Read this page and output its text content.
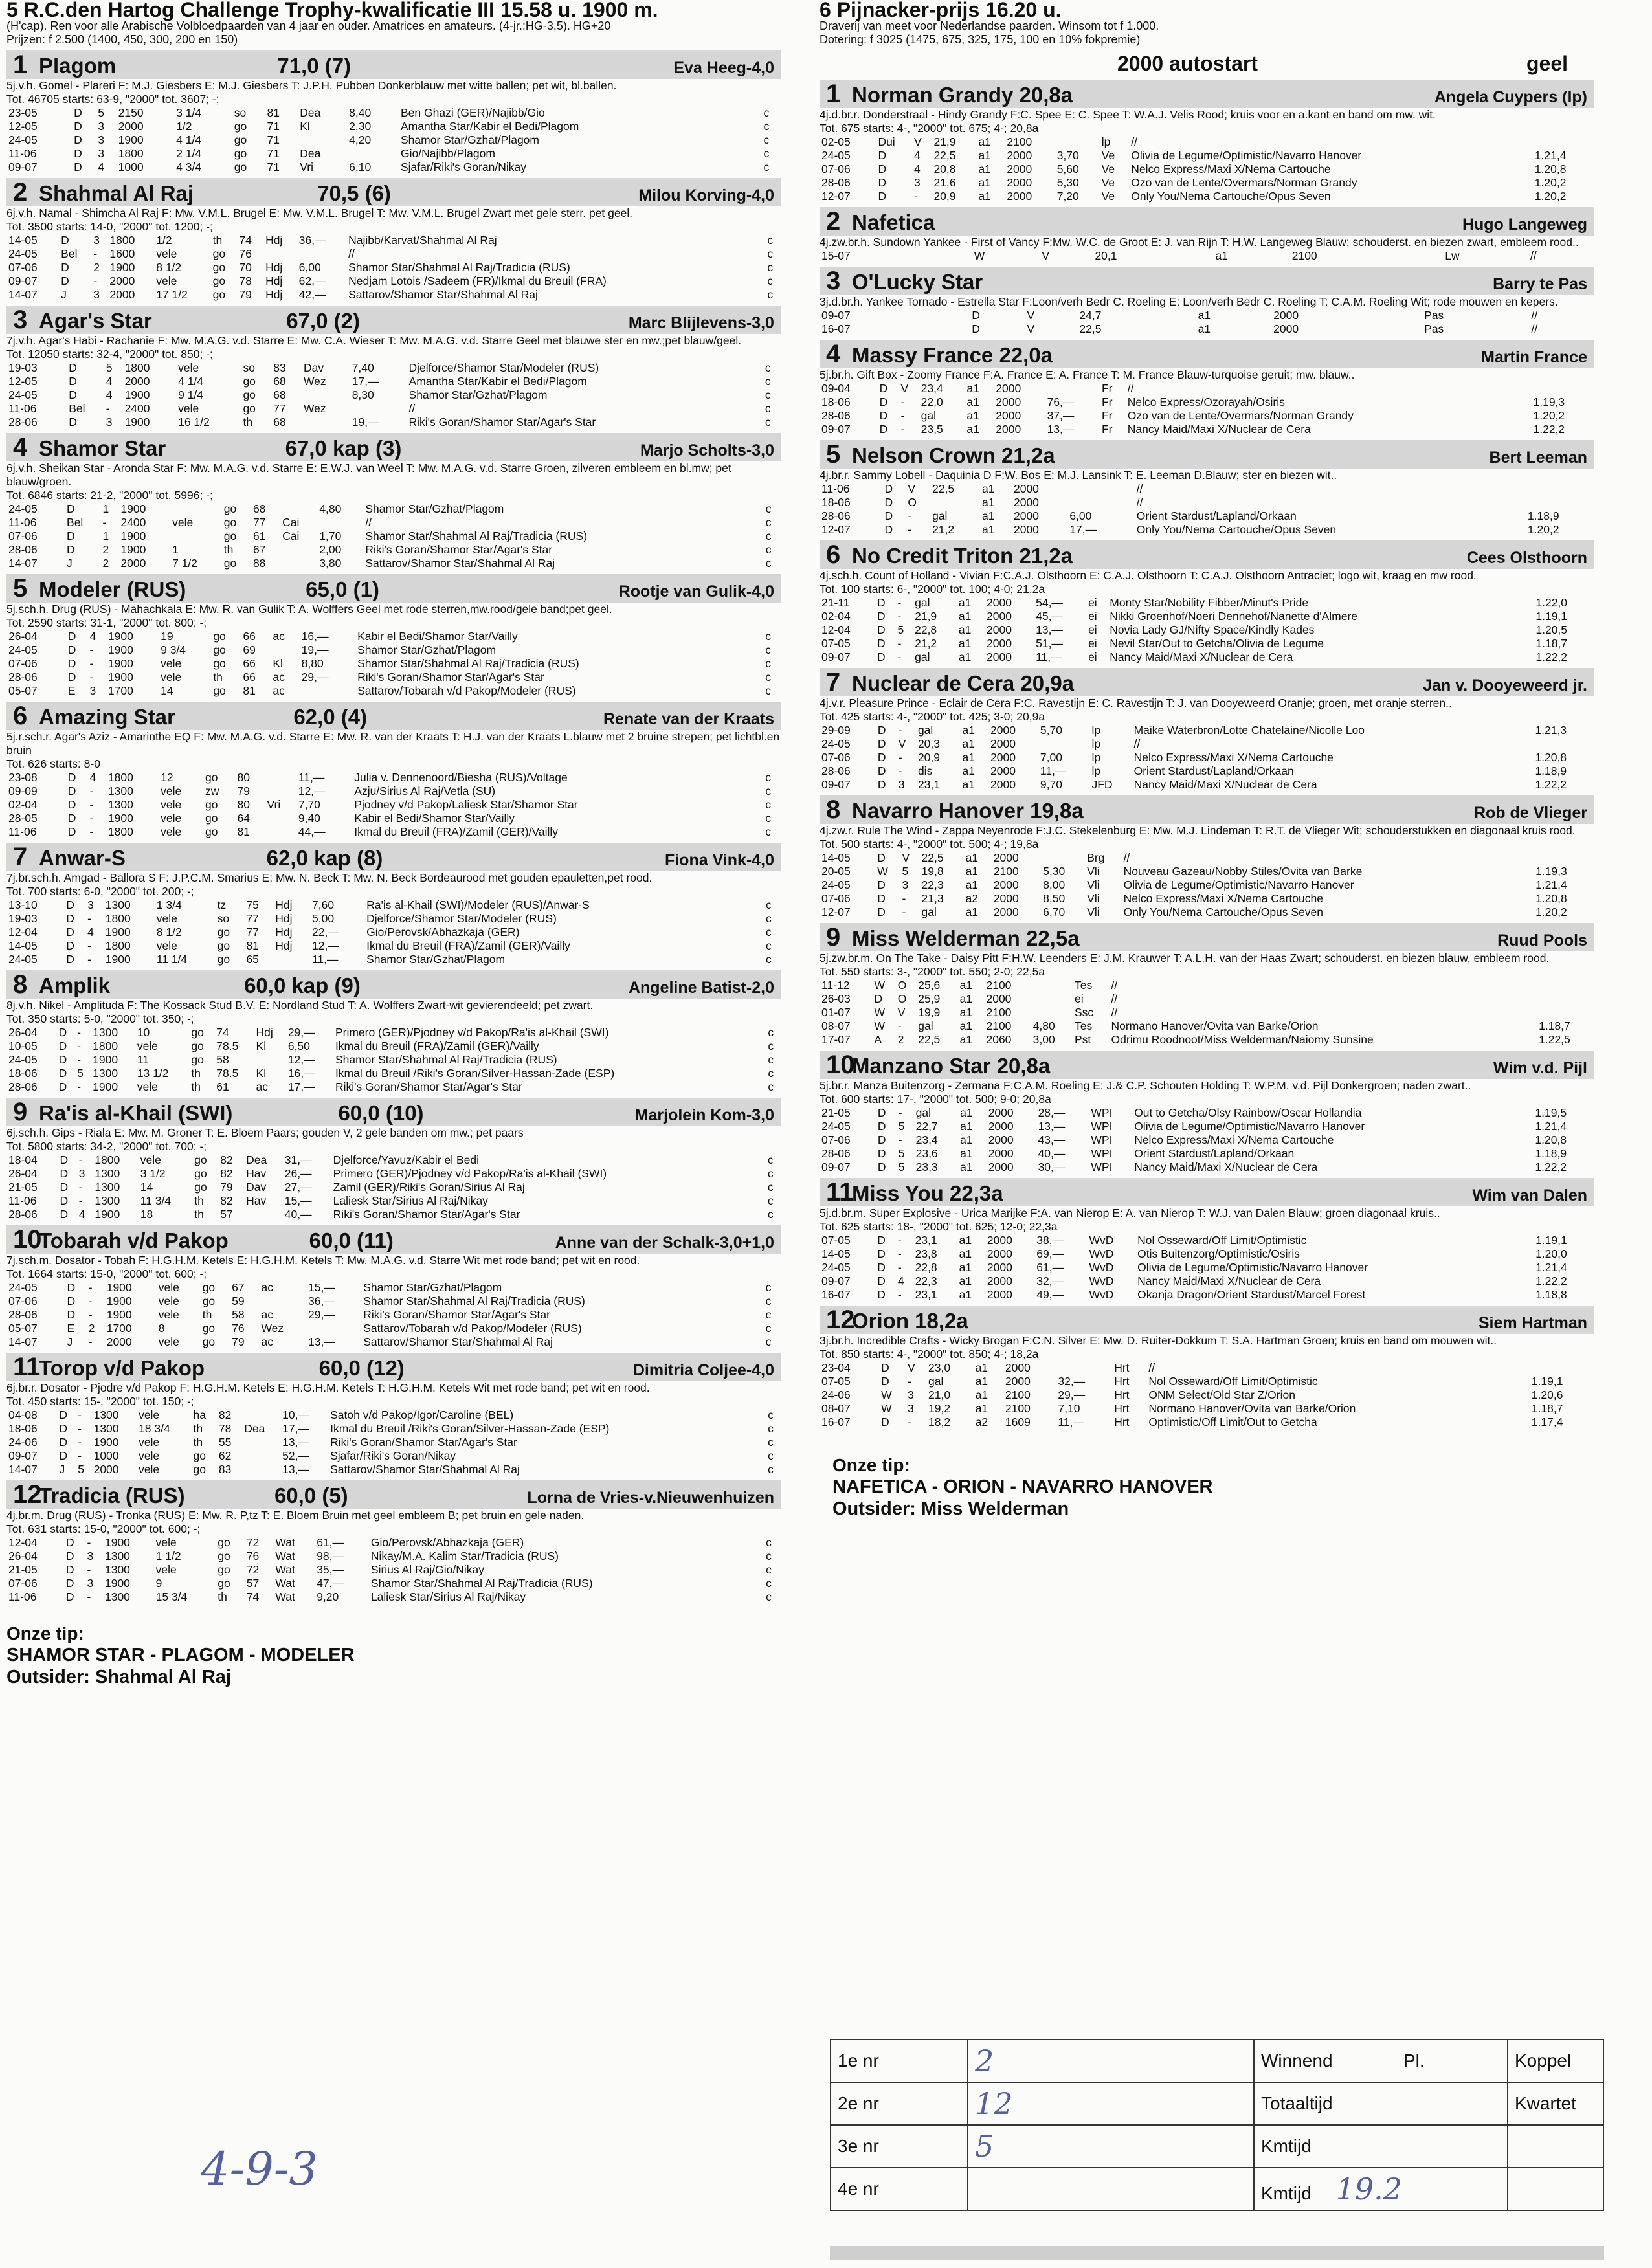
5 R.C.den Hartog Challenge Trophy-kwalificatie III 15.58 u. 1900 m.
(H'cap). Ren voor alle Arabische Volbloedpaarden van 4 jaar en ouder. Amatrices en amateurs. (4-jr.:HG-3,5). HG+20
Prijzen: f 2.500 (1400, 450, 300, 200 en 150)
1 Plagom	71,0 (7)	Eva Heeg-4,0
5j.v.h. Gomel - Plareri F: M.J. Giesbers E: M.J. Giesbers T: J.P.H. Pubben Donkerblauw met witte ballen; pet wit, bl.ballen.
Tot. 46705 starts: 63-9, "2000" tot. 3607; -;
23-05	D	5	2150	3 1/4	so	81	Dea	8,40	Ben Ghazi (GER)/Najibb/Gio	c
12-05	D	3	2000	1/2	go	71	Kl	2,30	Amantha Star/Kabir el Bedi/Plagom	c
24-05	D	3	1900	4 1/4	go	71		4,20	Shamor Star/Gzhat/Plagom	c
11-06	D	3	1800	2 1/4	go	71	Dea		Gio/Najibb/Plagom	c
09-07	D	4	1000	4 3/4	go	71	Vri	6,10	Sjafar/Riki's Goran/Nikay	c
2 Shahmal Al Raj	70,5 (6)	Milou Korving-4,0
6j.v.h. Namal - Shimcha Al Raj F: Mw. V.M.L. Brugel E: Mw. V.M.L. Brugel T: Mw. V.M.L. Brugel Zwart met gele sterr. pet geel.
Tot. 3500 starts: 14-0, "2000" tot. 1200; -;
14-05	D	3	1800	1/2	th	74	Hdj	36,—	Najibb/Karvat/Shahmal Al Raj	c
24-05	Bel	-	1600	vele	go	76			//	c
07-06	D	2	1900	8 1/2	go	70	Hdj	6,00	Shamor Star/Shahmal Al Raj/Tradicia (RUS)	c
09-07	D	-	2000	vele	go	78	Hdj	62,—	Nedjam Lotois /Sadeem (FR)/Ikmal du Breuil (FRA)	c
14-07	J	3	2000	17 1/2	go	79	Hdj	42,—	Sattarov/Shamor Star/Shahmal Al Raj	c
3 Agar's Star	67,0 (2)	Marc Blijlevens-3,0
7j.v.h. Agar's Habi - Rachanie F: Mw. M.A.G. v.d. Starre E: Mw. C.A. Wieser T: Mw. M.A.G. v.d. Starre Geel met blauwe ster en mw.;pet blauw/geel.
Tot. 12050 starts: 32-4, "2000" tot. 850; -;
19-03	D	5	1800	vele	so	83	Dav	7,40	Djelforce/Shamor Star/Modeler (RUS)	c
12-05	D	4	2000	4 1/4	go	68	Wez	17,—	Amantha Star/Kabir el Bedi/Plagom	c
24-05	D	4	1900	9 1/4	go	68		8,30	Shamor Star/Gzhat/Plagom	c
11-06	Bel	-	2400	vele	go	77	Wez		//	c
28-06	D	3	1900	16 1/2	th	68		19,—	Riki's Goran/Shamor Star/Agar's Star	c
4 Shamor Star	67,0 kap (3)	Marjo Scholts-3,0
6j.v.h. Sheikan Star - Aronda Star F: Mw. M.A.G. v.d. Starre E: E.W.J. van Weel T: Mw. M.A.G. v.d. Starre Groen, zilveren embleem en bl.mw; pet blauw/groen.
Tot. 6846 starts: 21-2, "2000" tot. 5996; -;
24-05	D	1	1900		go	68		4,80	Shamor Star/Gzhat/Plagom	c
11-06	Bel	-	2400	vele	go	77	Cai		//	c
07-06	D	1	1900		go	61	Cai	1,70	Shamor Star/Shahmal Al Raj/Tradicia (RUS)	c
28-06	D	2	1900	1	th	67		2,00	Riki's Goran/Shamor Star/Agar's Star	c
14-07	J	2	2000	7 1/2	go	88		3,80	Sattarov/Shamor Star/Shahmal Al Raj	c
5 Modeler (RUS)	65,0 (1)	Rootje van Gulik-4,0
5j.sch.h. Drug (RUS) - Mahachkala E: Mw. R. van Gulik T: A. Wolffers Geel met rode sterren,mw.rood/gele band;pet geel.
Tot. 2590 starts: 31-1, "2000" tot. 800; -;
26-04	D	4	1900	19	go	66	ac	16,—	Kabir el Bedi/Shamor Star/Vailly	c
24-05	D	-	1900	9 3/4	go	69		19,—	Shamor Star/Gzhat/Plagom	c
07-06	D	-	1900	vele	go	66	Kl	8,80	Shamor Star/Shahmal Al Raj/Tradicia (RUS)	c
28-06	D	-	1900	vele	th	66	ac	29,—	Riki's Goran/Shamor Star/Agar's Star	c
05-07	E	3	1700	14	go	81	ac		Sattarov/Tobarah v/d Pakop/Modeler (RUS)	c
6 Amazing Star	62,0 (4)	Renate van der Kraats
5j.r.sch.r. Agar's Aziz - Amarinthe EQ F: Mw. M.A.G. v.d. Starre E: Mw. R. van der Kraats T: H.J. van der Kraats L.blauw met 2 bruine strepen; pet lichtbl.en bruin
Tot. 626 starts: 8-0
23-08	D	4	1800	12	go	80		11,—	Julia v. Dennenoord/Biesha (RUS)/Voltage	c
09-09	D	-	1300	vele	zw	79		12,—	Azju/Sirius Al Raj/Vetla (SU)	c
02-04	D	-	1300	vele	go	80	Vri	7,70	Pjodney v/d Pakop/Laliesk Star/Shamor Star	c
28-05	D	-	1900	vele	go	64		9,40	Kabir el Bedi/Shamor Star/Vailly	c
11-06	D	-	1800	vele	go	81		44,—	Ikmal du Breuil (FRA)/Zamil (GER)/Vailly	c
7 Anwar-S	62,0 kap (8)	Fiona Vink-4,0
7j.br.sch.h. Amgad - Ballora S F: J.P.C.M. Smarius E: Mw. N. Beck T: Mw. N. Beck Bordeaurood met gouden epauletten,pet rood.
Tot. 700 starts: 6-0, "2000" tot. 200; -;
13-10	D	3	1300	1 3/4	tz	75	Hdj	7,60	Ra'is al-Khail (SWI)/Modeler (RUS)/Anwar-S	c
19-03	D	-	1800	vele	so	77	Hdj	5,00	Djelforce/Shamor Star/Modeler (RUS)	c
12-04	D	4	1900	8 1/2	go	77	Hdj	22,—	Gio/Perovsk/Abhazkaja (GER)	c
14-05	D	-	1800	vele	go	81	Hdj	12,—	Ikmal du Breuil (FRA)/Zamil (GER)/Vailly	c
24-05	D	-	1900	11 1/4	go	65		11,—	Shamor Star/Gzhat/Plagom	c
8 Amplik	60,0 kap (9)	Angeline Batist-2,0
8j.v.h. Nikel - Amplituda F: The Kossack Stud B.V. E: Nordland Stud T: A. Wolffers Zwart-wit gevierendeeld; pet zwart.
Tot. 350 starts: 5-0, "2000" tot. 350; -;
26-04	D	-	1300	10	go	74	Hdj	29,—	Primero (GER)/Pjodney v/d Pakop/Ra'is al-Khail (SWI)	c
10-05	D	-	1800	vele	go	78.5	Kl	6,50	Ikmal du Breuil (FRA)/Zamil (GER)/Vailly	c
24-05	D	-	1900	11	go	58		12,—	Shamor Star/Shahmal Al Raj/Tradicia (RUS)	c
18-06	D	5	1300	13 1/2	th	78.5	Kl	16,—	Ikmal du Breuil /Riki's Goran/Silver-Hassan-Zade (ESP)	c
28-06	D	-	1900	vele	th	61	ac	17,—	Riki's Goran/Shamor Star/Agar's Star	c
9 Ra'is al-Khail (SWI)	60,0 (10)	Marjolein Kom-3,0
6j.sch.h. Gips - Riala E: Mw. M. Groner T: E. Bloem Paars; gouden V, 2 gele banden om mw.; pet paars
Tot. 5800 starts: 34-2, "2000" tot. 700; -;
18-04	D	-	1800	vele	go	82	Dea	31,—	Djelforce/Yavuz/Kabir el Bedi	c
26-04	D	3	1300	3 1/2	go	82	Hav	26,—	Primero (GER)/Pjodney v/d Pakop/Ra'is al-Khail (SWI)	c
21-05	D	-	1300	14	go	79	Dav	27,—	Zamil (GER)/Riki's Goran/Sirius Al Raj	c
11-06	D	-	1300	11 3/4	th	82	Hav	15,—	Laliesk Star/Sirius Al Raj/Nikay	c
28-06	D	4	1900	18	th	57		40,—	Riki's Goran/Shamor Star/Agar's Star	c
10
Tobarah v/d Pakop	60,0 (11)	Anne van der Schalk-3,0+1,0
7j.sch.m. Dosator - Tobah F: H.G.H.M. Ketels E: H.G.H.M. Ketels T: Mw. M.A.G. v.d. Starre Wit met rode band; pet wit en rood.
Tot. 1664 starts: 15-0, "2000" tot. 600; -;
24-05	D	-	1900	vele	go	67	ac	15,—	Shamor Star/Gzhat/Plagom	c
07-06	D	-	1900	vele	go	59		36,—	Shamor Star/Shahmal Al Raj/Tradicia (RUS)	c
28-06	D	-	1900	vele	th	58	ac	29,—	Riki's Goran/Shamor Star/Agar's Star	c
05-07	E	2	1700	8	go	76	Wez		Sattarov/Tobarah v/d Pakop/Modeler (RUS)	c
14-07	J	-	2000	vele	go	79	ac	13,—	Sattarov/Shamor Star/Shahmal Al Raj	c
11
Torop v/d Pakop	60,0 (12)	Dimitria Coljee-4,0
6j.br.r. Dosator - Pjodre v/d Pakop F: H.G.H.M. Ketels E: H.G.H.M. Ketels T: H.G.H.M. Ketels Wit met rode band; pet wit en rood.
Tot. 450 starts: 15-, "2000" tot. 150; -;
04-08	D	-	1300	vele	ha	82		10,—	Satoh v/d Pakop/Igor/Caroline (BEL)	c
18-06	D	-	1300	18 3/4	th	78	Dea	17,—	Ikmal du Breuil /Riki's Goran/Silver-Hassan-Zade (ESP)	c
24-06	D	-	1900	vele	th	55		13,—	Riki's Goran/Shamor Star/Agar's Star	c
09-07	D	-	1000	vele	go	62		52,—	Sjafar/Riki's Goran/Nikay	c
14-07	J	5	2000	vele	go	83		13,—	Sattarov/Shamor Star/Shahmal Al Raj	c
12
Tradicia (RUS)	60,0 (5)	Lorna de Vries-v.Nieuwenhuizen
4j.br.m. Drug (RUS) - Tronka (RUS) E: Mw. R. P,tz T: E. Bloem Bruin met geel embleem B; pet bruin en gele naden.
Tot. 631 starts: 15-0, "2000" tot. 600; -;
12-04	D	-	1900	vele	go	72	Wat	61,—	Gio/Perovsk/Abhazkaja (GER)	c
26-04	D	3	1300	1 1/2	go	76	Wat	98,—	Nikay/M.A. Kalim Star/Tradicia (RUS)	c
21-05	D	-	1300	vele	go	72	Wat	35,—	Sirius Al Raj/Gio/Nikay	c
07-06	D	3	1900	9	go	57	Wat	47,—	Shamor Star/Shahmal Al Raj/Tradicia (RUS)	c
11-06	D	-	1300	15 3/4	th	74	Wat	9,20	Laliesk Star/Sirius Al Raj/Nikay	c
Onze tip:
SHAMOR STAR - PLAGOM - MODELER
Outsider: Shahmal Al Raj
4-9-3
6 Pijnacker-prijs 16.20 u.
Draverij van meet voor Nederlandse paarden. Winsom tot f 1.000.
Dotering: f 3025 (1475, 675, 325, 175, 100 en 10% fokpremie)
2000 autostart	geel
1 Norman Grandy 20,8a	Angela Cuypers (lp)
4j.d.br.r. Donderstraal - Hindy Grandy F:C. Spee E: C. Spee T: W.A.J. Velis Rood; kruis voor en a.kant en band om mw. wit.
Tot. 675 starts: 4-, "2000" tot. 675; 4-; 20,8a
02-05	Dui	V	21,9	a1	2100		lp	//	
24-05	D	4	22,5	a1	2000	3,70	Ve	Olivia de Legume/Optimistic/Navarro Hanover	1.21,4
07-06	D	4	20,8	a1	2000	5,60	Ve	Nelco Express/Maxi X/Nema Cartouche	1.20,8
28-06	D	3	21,6	a1	2000	5,30	Ve	Ozo van de Lente/Overmars/Norman Grandy	1.20,2
12-07	D	-	20,9	a1	2000	7,20	Ve	Only You/Nema Cartouche/Opus Seven	1.20,2
2 Nafetica	Hugo Langeweg
4j.zw.br.h. Sundown Yankee - First of Vancy F:Mw. W.C. de Groot E: J. van Rijn T: H.W. Langeweg Blauw; schouderst. en biezen zwart, embleem rood..
15-07	W	V	20,1	a1	2100		Lw	//	
3 O'Lucky Star	Barry te Pas
3j.d.br.h. Yankee Tornado - Estrella Star F:Loon/verh Bedr C. Roeling E: Loon/verh Bedr C. Roeling T: C.A.M. Roeling Wit; rode mouwen en kepers.
09-07	D	V	24,7	a1	2000		Pas	//	
16-07	D	V	22,5	a1	2000		Pas	//	
4 Massy France 22,0a	Martin France
5j.br.h. Gift Box - Zoomy France F:A. France E: A. France T: M. France Blauw-turquoise geruit; mw. blauw..
09-04	D	V	23,4	a1	2000		Fr	//	
18-06	D	-	22,0	a1	2000	76,—	Fr	Nelco Express/Ozorayah/Osiris	1.19,3
28-06	D	-	gal	a1	2000	37,—	Fr	Ozo van de Lente/Overmars/Norman Grandy	1.20,2
09-07	D	-	23,5	a1	2000	13,—	Fr	Nancy Maid/Maxi X/Nuclear de Cera	1.22,2
5 Nelson Crown 21,2a	Bert Leeman
4j.br.r. Sammy Lobell - Daquinia D F:W. Bos E: M.J. Lansink T: E. Leeman D.Blauw; ster en biezen wit..
11-06	D	V	22,5	a1	2000			//	
18-06	D	O		a1	2000			//	
28-06	D	-	gal	a1	2000	6,00		Orient Stardust/Lapland/Orkaan	1.18,9
12-07	D	-	21,2	a1	2000	17,—		Only You/Nema Cartouche/Opus Seven	1.20,2
6 No Credit Triton 21,2a	Cees Olsthoorn
4j.sch.h. Count of Holland - Vivian F:C.A.J. Olsthoorn E: C.A.J. Olsthoorn T: C.A.J. Olsthoorn Antraciet; logo wit, kraag en mw rood.
Tot. 100 starts: 6-, "2000" tot. 100; 4-0; 21,2a
21-11	D	-	gal	a1	2000	54,—	ei	Monty Star/Nobility Fibber/Minut's Pride	1.22,0
02-04	D	-	21,9	a1	2000	45,—	ei	Nikki Groenhof/Noeri Dennehof/Nanette d'Almere	1.19,1
12-04	D	5	22,8	a1	2000	13,—	ei	Novia Lady GJ/Nifty Space/Kindly Kades	1.20,5
07-05	D	-	21,2	a1	2000	51,—	ei	Nevil Star/Out to Getcha/Olivia de Legume	1.18,7
09-07	D	-	gal	a1	2000	11,—	ei	Nancy Maid/Maxi X/Nuclear de Cera	1.22,2
7 Nuclear de Cera 20,9a	Jan v. Dooyeweerd jr.
4j.v.r. Pleasure Prince - Eclair de Cera F:C. Ravestijn E: C. Ravestijn T: J. van Dooyeweerd Oranje; groen, met oranje sterren..
Tot. 425 starts: 4-, "2000" tot. 425; 3-0; 20,9a
29-09	D	-	gal	a1	2000	5,70	lp	Maike Waterbron/Lotte Chatelaine/Nicolle Loo	1.21,3
24-05	D	V	20,3	a1	2000		lp	//	
07-06	D	-	20,9	a1	2000	7,00	lp	Nelco Express/Maxi X/Nema Cartouche	1.20,8
28-06	D	-	dis	a1	2000	11,—	lp	Orient Stardust/Lapland/Orkaan	1.18,9
09-07	D	3	23,1	a1	2000	9,70	JFD	Nancy Maid/Maxi X/Nuclear de Cera	1.22,2
8 Navarro Hanover 19,8a	Rob de Vlieger
4j.zw.r. Rule The Wind - Zappa Neyenrode F:J.C. Stekelenburg E: Mw. M.J. Lindeman T: R.T. de Vlieger Wit; schouderstukken en diagonaal kruis rood.
Tot. 500 starts: 4-, "2000" tot. 500; 4-; 19,8a
14-05	D	V	22,5	a1	2000		Brg	//	
20-05	W	5	19,8	a1	2100	5,30	Vli	Nouveau Gazeau/Nobby Stiles/Ovita van Barke	1.19,3
24-05	D	3	22,3	a1	2000	8,00	Vli	Olivia de Legume/Optimistic/Navarro Hanover	1.21,4
07-06	D	-	21,3	a2	2000	8,50	Vli	Nelco Express/Maxi X/Nema Cartouche	1.20,8
12-07	D	-	gal	a1	2000	6,70	Vli	Only You/Nema Cartouche/Opus Seven	1.20,2
9 Miss Welderman 22,5a	Ruud Pools
5j.zw.br.m. On The Take - Daisy Pitt F:H.W. Leenders E: J.M. Krauwer T: A.L.H. van der Haas Zwart; schouderst. en biezen blauw, embleem rood.
Tot. 550 starts: 3-, "2000" tot. 550; 2-0; 22,5a
11-12	W	O	25,6	a1	2100		Tes	//	
26-03	D	O	25,9	a1	2000		ei	//	
01-07	W	V	19,9	a1	2100		Ssc	//	
08-07	W	-	gal	a1	2100	4,80	Tes	Normano Hanover/Ovita van Barke/Orion	1.18,7
17-07	A	2	22,5	a1	2060	3,00	Pst	Odrimu Roodnoot/Miss Welderman/Naiomy Sunsine	1.22,5
10
Manzano Star 20,8a	Wim v.d. Pijl
5j.br.r. Manza Buitenzorg - Zermana F:C.A.M. Roeling E: J.& C.P. Schouten Holding T: W.P.M. v.d. Pijl Donkergroen; naden zwart..
Tot. 600 starts: 17-, "2000" tot. 500; 9-0; 20,8a
21-05	D	-	gal	a1	2000	28,—	WPI	Out to Getcha/Olsy Rainbow/Oscar Hollandia	1.19,5
24-05	D	5	22,7	a1	2000	13,—	WPI	Olivia de Legume/Optimistic/Navarro Hanover	1.21,4
07-06	D	-	23,4	a1	2000	43,—	WPI	Nelco Express/Maxi X/Nema Cartouche	1.20,8
28-06	D	5	23,6	a1	2000	40,—	WPI	Orient Stardust/Lapland/Orkaan	1.18,9
09-07	D	5	23,3	a1	2000	30,—	WPI	Nancy Maid/Maxi X/Nuclear de Cera	1.22,2
11
Miss You 22,3a	Wim van Dalen
5j.d.br.m. Super Explosive - Urica Marijke F:A. van Nierop E: A. van Nierop T: W.J. van Dalen Blauw; groen diagonaal kruis..
Tot. 625 starts: 18-, "2000" tot. 625; 12-0; 22,3a
07-05	D	-	23,1	a1	2000	38,—	WvD	Nol Osseward/Off Limit/Optimistic	1.19,1
14-05	D	-	23,8	a1	2000	69,—	WvD	Otis Buitenzorg/Optimistic/Osiris	1.20,0
24-05	D	-	22,8	a1	2000	61,—	WvD	Olivia de Legume/Optimistic/Navarro Hanover	1.21,4
09-07	D	4	22,3	a1	2000	32,—	WvD	Nancy Maid/Maxi X/Nuclear de Cera	1.22,2
16-07	D	-	23,1	a1	2000	49,—	WvD	Okanja Dragon/Orient Stardust/Marcel Forest	1.18,8
12
Orion 18,2a	Siem Hartman
3j.br.h. Incredible Crafts - Wicky Brogan F:C.N. Silver E: Mw. D. Ruiter-Dokkum T: S.A. Hartman Groen; kruis en band om mouwen wit..
Tot. 850 starts: 4-, "2000" tot. 850; 4-; 18,2a
23-04	D	V	23,0	a1	2000		Hrt	//	
07-05	D	-	gal	a1	2000	32,—	Hrt	Nol Osseward/Off Limit/Optimistic	1.19,1
24-06	W	3	21,0	a1	2100	29,—	Hrt	ONM Select/Old Star Z/Orion	1.20,6
08-07	W	3	19,2	a1	2100	7,10	Hrt	Normano Hanover/Ovita van Barke/Orion	1.18,7
16-07	D	-	18,2	a2	1609	11,—	Hrt	Optimistic/Off Limit/Out to Getcha	1.17,4
Onze tip:
NAFETICA - ORION - NAVARRO HANOVER
Outsider: Miss Welderman
1e nr	2	Winnend	Pl.	Koppel
2e nr	12	Totaaltijd		Kwartet
3e nr	5	Kmtijd		
4e nr		Kmtijd 19.2		
